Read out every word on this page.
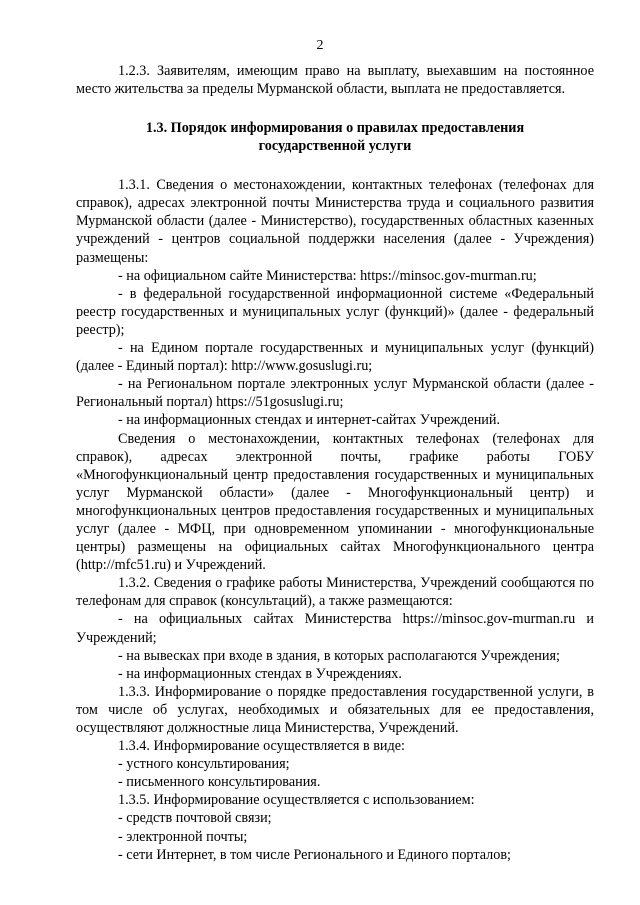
2

1.2.3. Заявителям, имеющим право на выплату, выехавшим на постоянное место жительства за пределы Мурманской области, выплата не предоставляется.

1.3. Порядок информирования о правилах предоставления
государственной услуги

1.3.1. Сведения о местонахождении, контактных телефонах (телефонах для справок), адресах электронной почты Министерства труда и социального развития Мурманской области (далее - Министерство), государственных областных казенных учреждений - центров социальной поддержки населения (далее - Учреждения) размещены:

- на официальном сайте Министерства: https://minsoc.gov-murman.ru;

- в федеральной государственной информационной системе «Федеральный реестр государственных и муниципальных услуг (функций)» (далее - федеральный реестр);

- на Едином портале государственных и муниципальных услуг (функций) (далее - Единый портал): http://www.gosuslugi.ru;

- на Региональном портале электронных услуг Мурманской области (далее - Региональный портал) https://51gosuslugi.ru;

- на информационных стендах и интернет-сайтах Учреждений.

Сведения о местонахождении, контактных телефонах (телефонах для справок), адресах электронной почты, графике работы ГОБУ «Многофункциональный центр предоставления государственных и муниципальных услуг Мурманской области» (далее - Многофункциональный центр) и многофункциональных центров предоставления государственных и муниципальных услуг (далее - МФЦ, при одновременном упоминании - многофункциональные центры) размещены на официальных сайтах Многофункционального центра (http://mfc51.ru) и Учреждений.

1.3.2. Сведения о графике работы Министерства, Учреждений сообщаются по телефонам для справок (консультаций), а также размещаются:

- на официальных сайтах Министерства https://minsoc.gov-murman.ru и Учреждений;

- на вывесках при входе в здания, в которых располагаются Учреждения;

- на информационных стендах в Учреждениях.

1.3.3. Информирование о порядке предоставления государственной услуги, в том числе об услугах, необходимых и обязательных для ее предоставления, осуществляют должностные лица Министерства, Учреждений.

1.3.4. Информирование осуществляется в виде:

- устного консультирования;

- письменного консультирования.

1.3.5. Информирование осуществляется с использованием:

- средств почтовой связи;

- электронной почты;

- сети Интернет, в том числе Регионального и Единого порталов;
